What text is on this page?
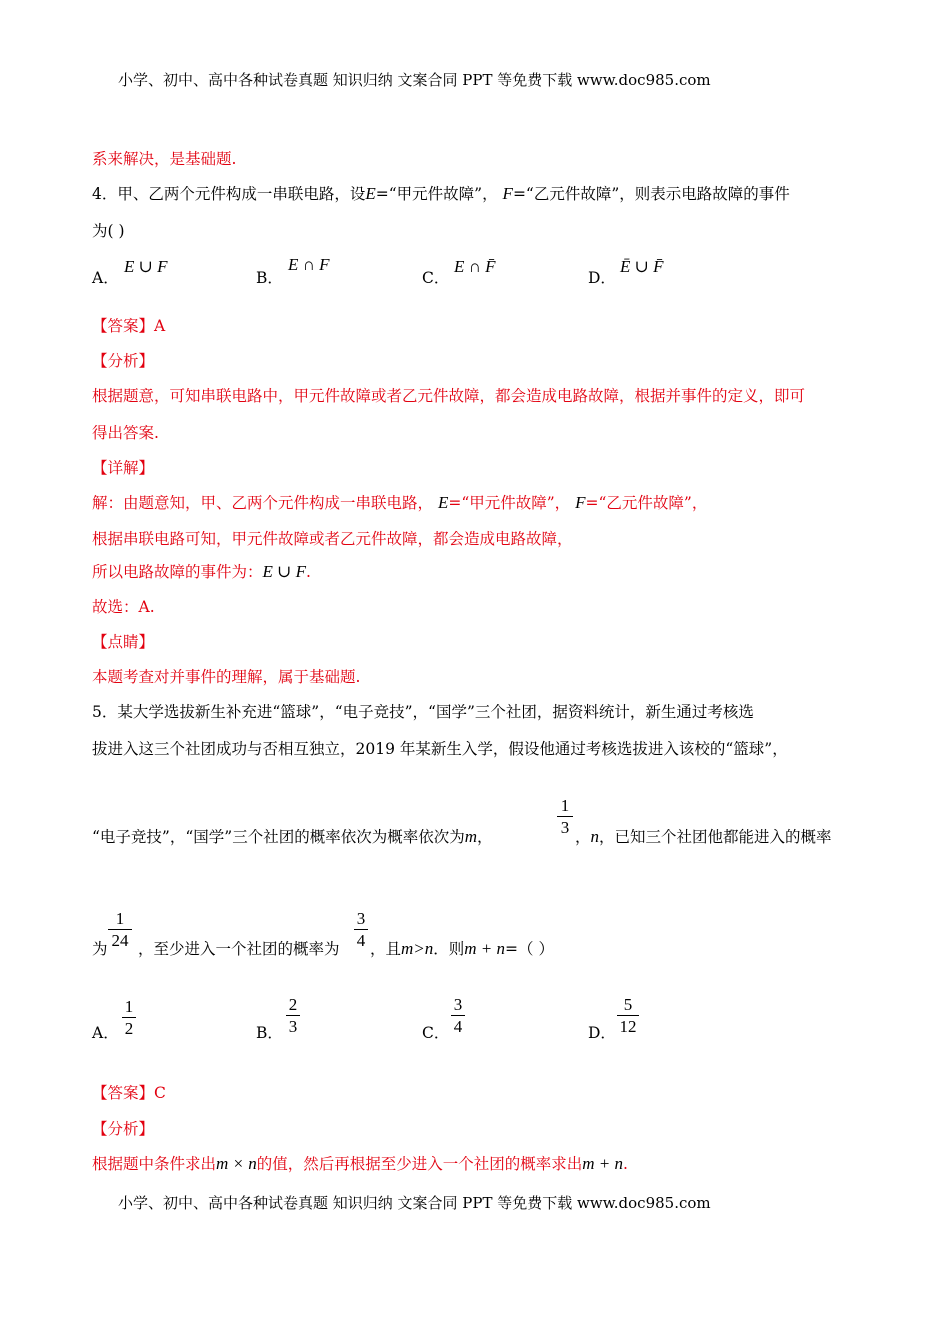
小学、初中、高中各种试卷真题 知识归纳 文案合同 PPT 等免费下载 www.doc985.com
系来解决，是基础题.
4．甲、乙两个元件构成一串联电路，设E=“甲元件故障”， F=“乙元件故障”，则表示电路故障的事件
为( )
A．
E ∪ F
B．
E ∩ F
C．
E ∩ F̄
D．
Ē ∪ F̄
【答案】A
【分析】
根据题意，可知串联电路中，甲元件故障或者乙元件故障，都会造成电路故障，根据并事件的定义，即可
得出答案.
【详解】
解：由题意知，甲、乙两个元件构成一串联电路， E=“甲元件故障”， F=“乙元件故障”，
根据串联电路可知，甲元件故障或者乙元件故障，都会造成电路故障，
所以电路故障的事件为：E ∪ F.
故选：A.
【点睛】
本题考查对并事件的理解，属于基础题.
5．某大学选拔新生补充进“篮球”，“电子竞技”，“国学”三个社团，据资料统计，新生通过考核选
拔进入这三个社团成功与否相互独立，2019 年某新生入学，假设他通过考核选拔进入该校的“篮球”，
“电子竞技”，“国学”三个社团的概率依次为概率依次为m，
1
3 ，n，已知三个社团他都能进入的概率
为
1
24 ，至少进入一个社团的概率为
3
4 ，且m>n．则m + n=（ ）
A．
1
2	B．
2
3	C．
3
4	D．
5
12
【答案】C
【分析】
根据题中条件求出m × n的值，然后再根据至少进入一个社团的概率求出m + n.
小学、初中、高中各种试卷真题 知识归纳 文案合同 PPT 等免费下载 www.doc985.com
